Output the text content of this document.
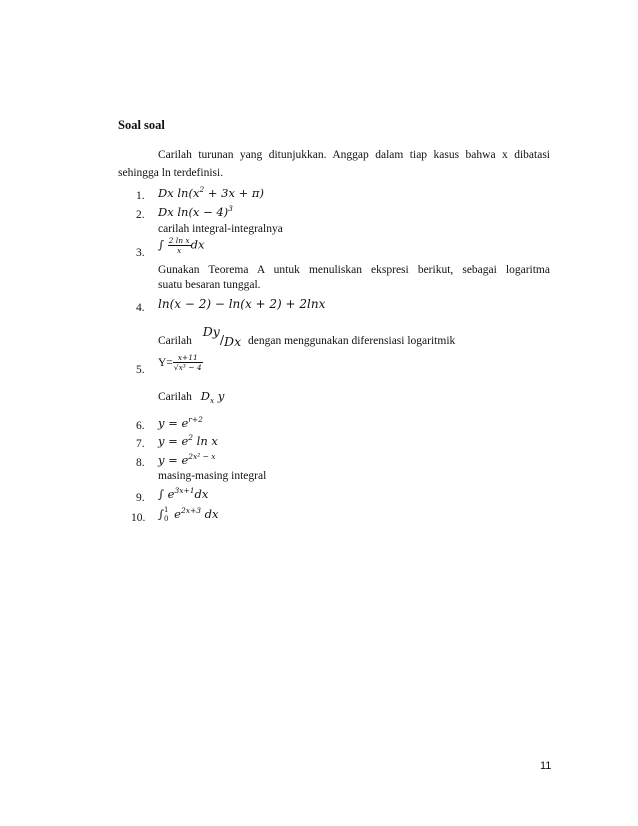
Soal soal
Carilah turunan yang ditunjukkan. Anggap dalam tiap kasus bahwa x dibatasi
sehingga ln terdefinisi.
1. Dx $\ln(x^2 + 3x + \pi)$
2. Dx $\ln(x - 4)^3$
carilah integral-integralnya
3.
∫ $\frac{\text{2 ln x}}{x}$ dx
Gunakan Teorema A untuk menuliskan ekspresi berikut, sebagai logaritma
suatu besaran tunggal.
4. ln(x − 2) − ln(x + 2) + 2lnx
Carilah Dy/Dx dengan menggunakan diferensiasi logaritmik
5.
$Y= \frac{x+11}{\text{√x³ − 4}}$
Carilah $D_x$ y
6. $y = e^{r+2}$
7. $y = e^2$ ln x
8. $y = e^{2x^2 - x}$
masing-masing integral
9. ∫ $e^{3x+1}dx$
10. ∫ 1
0 $e^{2x+3}$ dx
11
